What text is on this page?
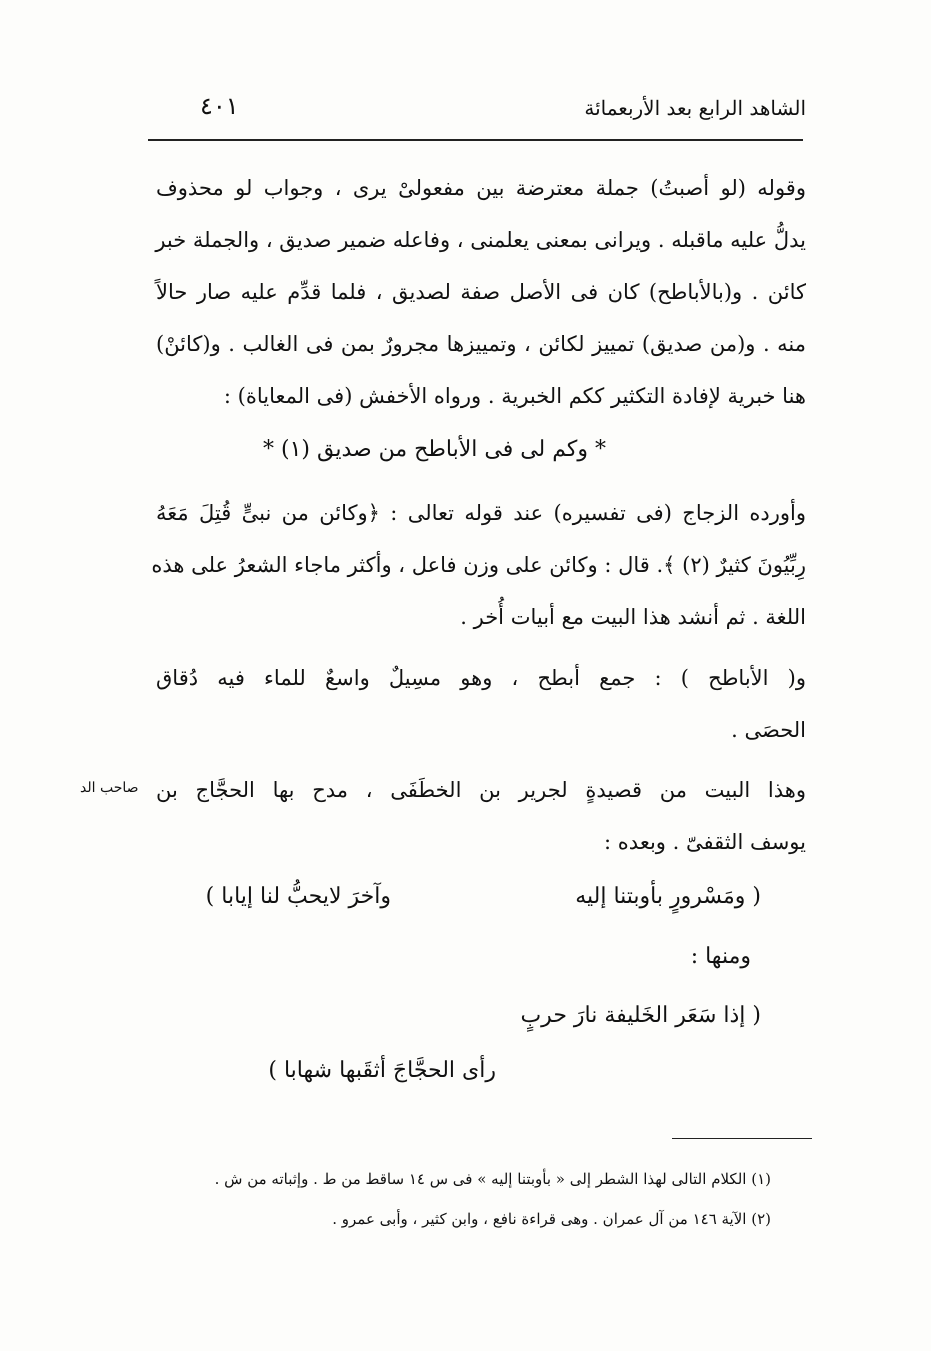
الشاهد الرابع بعد الأربعمائة
٤٠١
وقوله (لو أصبتُ) جملة معترضة بين مفعولىْ يرى ، وجواب لو محذوف
يدلُّ عليه ماقبله . ويرانى بمعنى يعلمنى ، وفاعله ضمير صديق ، والجملة خبر
كائن . و(بالأباطح) كان فى الأصل صفة لصديق ، فلما قدِّم عليه صار حالاً
منه . و(من صديق) تمييز لكائن ، وتمييزها مجرورٌ بمن فى الغالب . و(كائنْ)
هنا خبرية لإفادة التكثير ككم الخبرية . ورواه الأخفش (فى المعاياة) :
* وكم لى فى الأباطح من صديق (١) *
وأورده الزجاج (فى تفسيره) عند قوله تعالى : ﴿وكائن من نبىٍّ قُتِلَ مَعَهُ
رِبِّيُونَ كثيرٌ (٢) ﴾. قال : وكائن على وزن فاعل ، وأكثر ماجاء الشعرُ على هذه
اللغة . ثم أنشد هذا البيت مع أبيات أُخر .
و( الأباطح ) : جمع أبطح ، وهو مسِيلٌ واسعٌ للماء فيه دُقاق
الحصَى .
وهذا البيت من قصيدةٍ لجرير بن الخطَفَى ، مدح بها الحجَّاج بن
يوسف الثقفىّ . وبعده :
صاحب الد
( ومَسْرورٍ بأوبتنا إليه
وآخرَ لايحبُّ لنا إيابا )
ومنها :
( إذا سَعَر الخَليفة نارَ حربٍ
رأى الحجَّاجَ أثقَبها شهابا )
(١) الكلام التالى لهذا الشطر إلى « بأوبتنا إليه » فى س ١٤ ساقط من ط . وإثباته من ش .
(٢) الآية ١٤٦ من آل عمران . وهى قراءة نافع ، وابن كثير ، وأبى عمرو .
